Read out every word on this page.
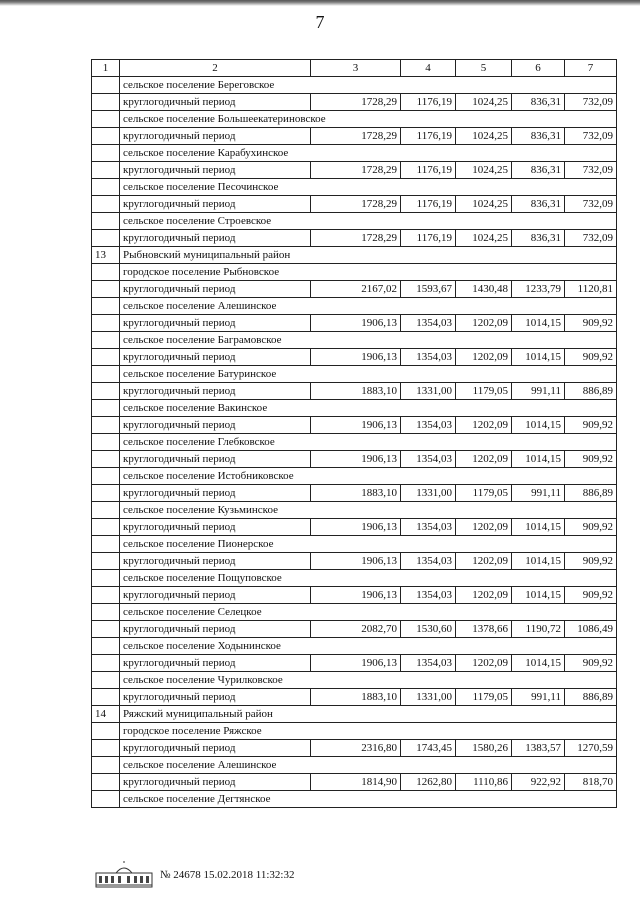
7
1	2	3	4	5	6	7
	сельское поселение Береговское					
	круглогодичный период	1728,29	1176,19	1024,25	836,31	732,09
	сельское поселение Большеекатериновское					
	круглогодичный период	1728,29	1176,19	1024,25	836,31	732,09
	сельское поселение Карабухинское					
	круглогодичный период	1728,29	1176,19	1024,25	836,31	732,09
	сельское поселение Песочинское					
	круглогодичный период	1728,29	1176,19	1024,25	836,31	732,09
	сельское поселение Строевское					
	круглогодичный период	1728,29	1176,19	1024,25	836,31	732,09
13	Рыбновский муниципальный район					
	городское поселение Рыбновское					
	круглогодичный период	2167,02	1593,67	1430,48	1233,79	1120,81
	сельское поселение Алешинское					
	круглогодичный период	1906,13	1354,03	1202,09	1014,15	909,92
	сельское поселение Баграмовское					
	круглогодичный период	1906,13	1354,03	1202,09	1014,15	909,92
	сельское поселение Батуринское					
	круглогодичный период	1883,10	1331,00	1179,05	991,11	886,89
	сельское поселение Вакинское					
	круглогодичный период	1906,13	1354,03	1202,09	1014,15	909,92
	сельское поселение Глебковское					
	круглогодичный период	1906,13	1354,03	1202,09	1014,15	909,92
	сельское поселение Истобниковское					
	круглогодичный период	1883,10	1331,00	1179,05	991,11	886,89
	сельское поселение Кузьминское					
	круглогодичный период	1906,13	1354,03	1202,09	1014,15	909,92
	сельское поселение Пионерское					
	круглогодичный период	1906,13	1354,03	1202,09	1014,15	909,92
	сельское поселение Пощуповское					
	круглогодичный период	1906,13	1354,03	1202,09	1014,15	909,92
	сельское поселение Селецкое					
	круглогодичный период	2082,70	1530,60	1378,66	1190,72	1086,49
	сельское поселение Ходынинское					
	круглогодичный период	1906,13	1354,03	1202,09	1014,15	909,92
	сельское поселение Чурилковское					
	круглогодичный период	1883,10	1331,00	1179,05	991,11	886,89
14	Ряжский муниципальный район					
	городское поселение Ряжское					
	круглогодичный период	2316,80	1743,45	1580,26	1383,57	1270,59
	сельское поселение Алешинское					
	круглогодичный период	1814,90	1262,80	1110,86	922,92	818,70
	сельское поселение Дегтянское					
№ 24678 15.02.2018 11:32:32
